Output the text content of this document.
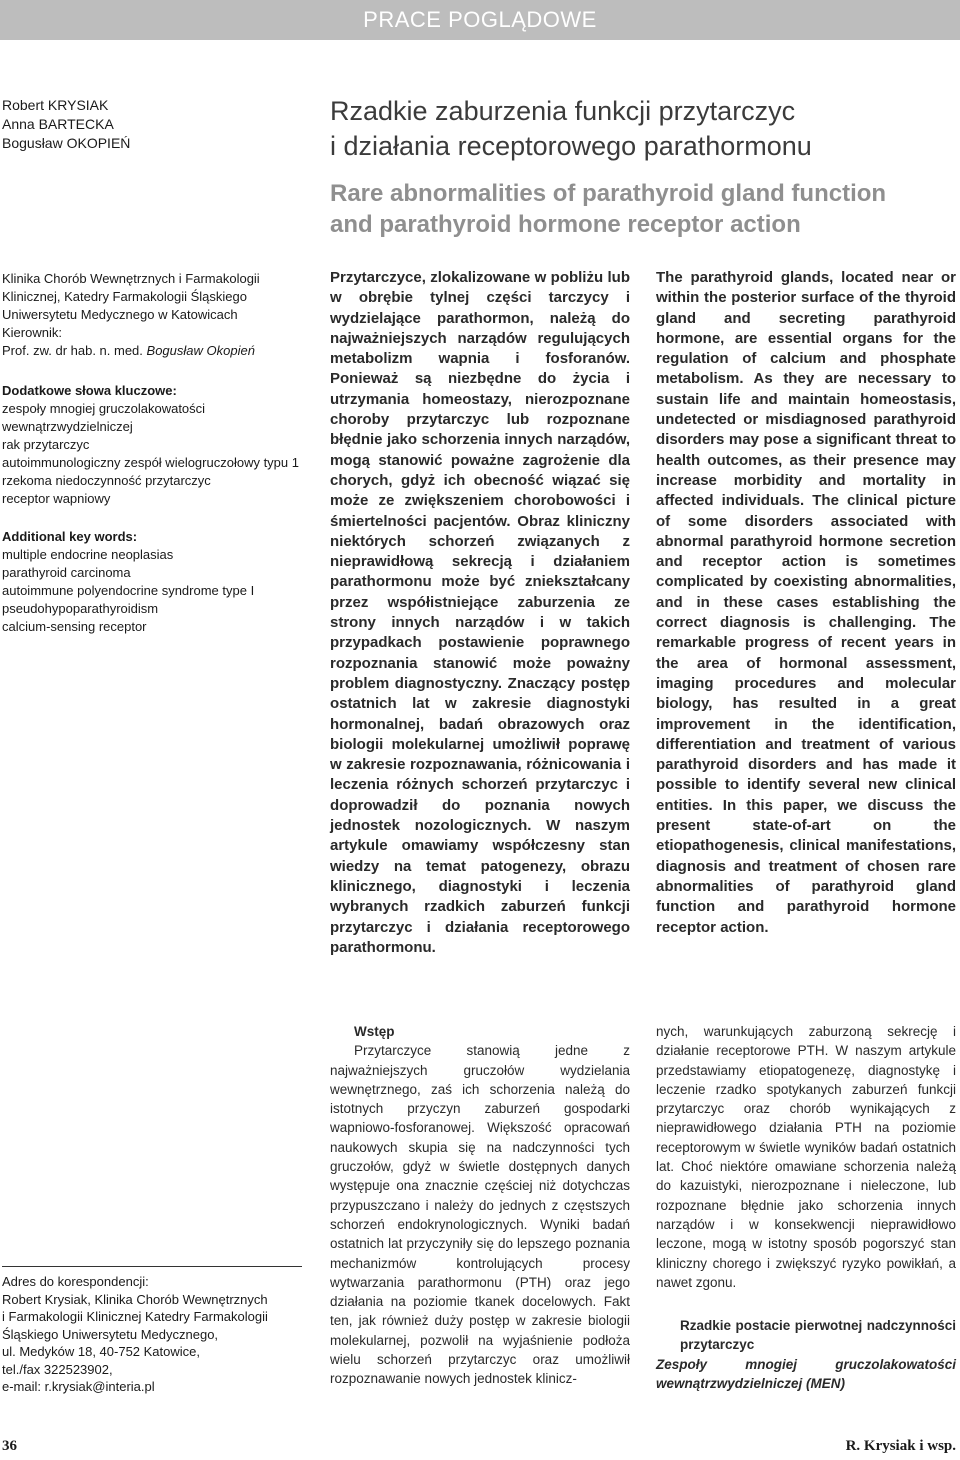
PRACE POGLĄDOWE
Robert KRYSIAK
Anna BARTECKA
Bogusław OKOPIEŃ
Rzadkie zaburzenia funkcji przytarczyc
i działania receptorowego parathormonu
Rare abnormalities of parathyroid gland function
and parathyroid hormone receptor action

Klinika Chorób Wewnętrznych i Farmakologii Klinicznej, Katedry Farmakologii Śląskiego Uniwersytetu Medycznego w Katowicach

Kierownik:

Prof. zw. dr hab. n. med. Bogusław Okopień

Dodatkowe słowa kluczowe:
zespoły mnogiej gruczolakowatości wewnątrzwydzielniczej
rak przytarczyc
autoimmunologiczny zespół wielogruczołowy typu 1
rzekoma niedoczynność przytarczyc
receptor wapniowy
Additional key words:
multiple endocrine neoplasias
parathyroid carcinoma
autoimmune polyendocrine syndrome type I
pseudohypoparathyroidism
calcium-sensing receptor
Przytarczyce, zlokalizowane w pobliżu lub w obrębie tylnej części tarczycy i wydzielające parathormon, należą do najważniejszych narządów regulujących metabolizm wapnia i fosforanów. Ponieważ są niezbędne do życia i utrzymania homeostazy, nierozpoznane choroby przytarczyc lub rozpoznane błędnie jako schorzenia innych narządów, mogą stanowić poważne zagrożenie dla chorych, gdyż ich obecność wiązać się może ze zwiększeniem chorobowości i śmiertelności pacjentów. Obraz kliniczny niektórych schorzeń związanych z nieprawidłową sekrecją i działaniem parathormonu może być zniekształcany przez współistniejące zaburzenia ze strony innych narządów i w takich przypadkach postawienie poprawnego rozpoznania stanowić może poważny problem diagnostyczny. Znaczący postęp ostatnich lat w zakresie diagnostyki hormonalnej, badań obrazowych oraz biologii molekularnej umożliwił poprawę w zakresie rozpoznawania, różnicowania i leczenia różnych schorzeń przytarczyc i doprowadził do poznania nowych jednostek nozologicznych. W naszym artykule omawiamy współczesny stan wiedzy na temat patogenezy, obrazu klinicznego, diagnostyki i leczenia wybranych rzadkich zaburzeń funkcji przytarczyc i działania receptorowego parathormonu.
The parathyroid glands, located near or within the posterior surface of the thyroid gland and secreting parathyroid hormone, are essential organs for the regulation of calcium and phosphate metabolism. As they are necessary to sustain life and maintain homeostasis, undetected or misdiagnosed parathyroid disorders may pose a significant threat to health outcomes, as their presence may increase morbidity and mortality in affected individuals. The clinical picture of some disorders associated with abnormal parathyroid hormone secretion and receptor action is sometimes complicated by coexisting abnormalities, and in these cases establishing the correct diagnosis is challenging. The remarkable progress of recent years in the area of hormonal assessment, imaging procedures and molecular biology, has resulted in a great improvement in the identification, differentiation and treatment of various parathyroid disorders and has made it possible to identify several new clinical entities. In this paper, we discuss the present state-of-art on the etiopathogenesis, clinical manifestations, diagnosis and treatment of chosen rare abnormalities of parathyroid gland function and parathyroid hormone receptor action.
Wstęp

Przytarczyce stanowią jedne z najważniejszych gruczołów wydzielania wewnętrznego, zaś ich schorzenia należą do istotnych przyczyn zaburzeń gospodarki wapniowo-fosforanowej. Większość opracowań naukowych skupia się na nadczynności tych gruczołów, gdyż w świetle dostępnych danych występuje ona znacznie częściej niż dotychczas przypuszczano i należy do jednych z częstszych schorzeń endokrynologicznych. Wyniki badań ostatnich lat przyczyniły się do lepszego poznania mechanizmów kontrolujących procesy wytwarzania parathormonu (PTH) oraz jego działania na poziomie tkanek docelowych. Fakt ten, jak również duży postęp w zakresie biologii molekularnej, pozwolił na wyjaśnienie podłoża wielu schorzeń przytarczyc oraz umożliwił rozpoznawanie nowych jednostek klinicz-

nych, warunkujących zaburzoną sekrecję i działanie receptorowe PTH. W naszym artykule przedstawiamy etiopatogenezę, diagnostykę i leczenie rzadko spotykanych zaburzeń funkcji przytarczyc oraz chorób wynikających z nieprawidłowego działania PTH na poziomie receptorowym w świetle wyników badań ostatnich lat. Choć niektóre omawiane schorzenia należą do kazuistyki, nierozpoznane i nieleczone, lub rozpoznane błędnie jako schorzenia innych narządów i w konsekwencji nieprawidłowo leczone, mogą w istotny sposób pogorszyć stan kliniczny chorego i zwiększyć ryzyko powikłań, a nawet zgonu.

Rzadkie postacie pierwotnej nadczynności przytarczyc
Zespoły mnogiej gruczolakowatości wewnątrzwydzielniczej (MEN)

Adres do korespondencji:

Robert Krysiak, Klinika Chorób Wewnętrznych

i Farmakologii Klinicznej Katedry Farmakologii

Śląskiego Uniwersytetu Medycznego,

ul. Medyków 18, 40-752 Katowice,

tel./fax 322523902,

e-mail: r.krysiak@interia.pl

36	R. Krysiak i wsp.
